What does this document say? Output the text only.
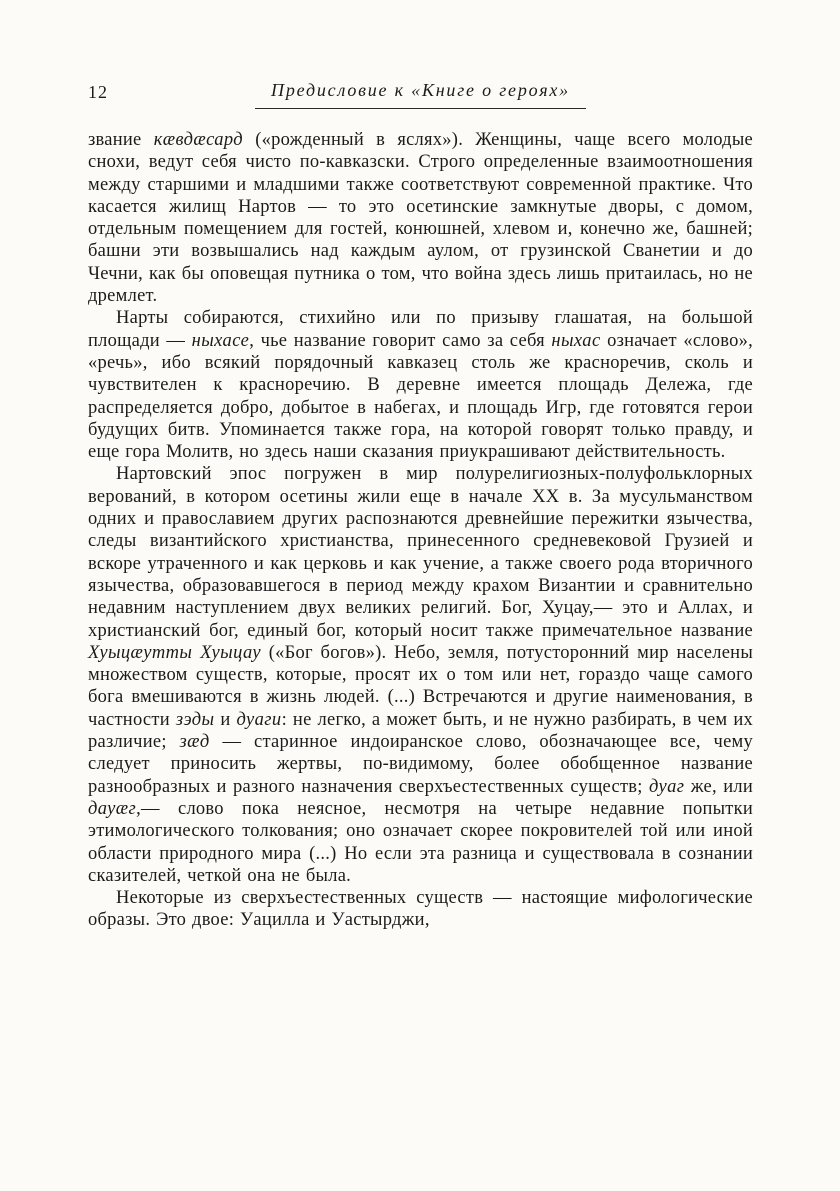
12	Предисловие к «Книге о героях»

звание кæвдæсард («рожденный в яслях»). Женщины, чаще всего молодые снохи, ведут себя чисто по-кавказски. Строго определенные взаимоотношения между старшими и младшими также соответствуют современной практике. Что касается жилищ Нартов — то это осетинские замкнутые дворы, с домом, отдельным помещением для гостей, конюшней, хлевом и, конечно же, башней; башни эти возвышались над каждым аулом, от грузинской Сванетии и до Чечни, как бы оповещая путника о том, что война здесь лишь притаилась, но не дремлет.

Нарты собираются, стихийно или по призыву глашатая, на большой площади — ныхасе, чье название говорит само за себя ныхас означает «слово», «речь», ибо всякий порядочный кавказец столь же красноречив, сколь и чувствителен к красноречию. В деревне имеется площадь Дележа, где распределяется добро, добытое в набегах, и площадь Игр, где готовятся герои будущих битв. Упоминается также гора, на которой говорят только правду, и еще гора Молитв, но здесь наши сказания приукрашивают действительность.

Нартовский эпос погружен в мир полурелигиозных-полуфольклорных верований, в котором осетины жили еще в начале XX в. За мусульманством одних и православием других распознаются древнейшие пережитки язычества, следы византийского христианства, принесенного средневековой Грузией и вскоре утраченного и как церковь и как учение, а также своего рода вторичного язычества, образовавшегося в период между крахом Византии и сравнительно недавним наступлением двух великих религий. Бог, Хуцау,— это и Аллах, и христианский бог, единый бог, который носит также примечательное название Хуыцæутты Хуыцау («Бог богов»). Небо, земля, потусторонний мир населены множеством существ, которые, просят их о том или нет, гораздо чаще самого бога вмешиваются в жизнь людей. (...) Встречаются и другие наименования, в частности зэды и дуаги: не легко, а может быть, и не нужно разбирать, в чем их различие; зæд — старинное индоиранское слово, обозначающее все, чему следует приносить жертвы, по-видимому, более обобщенное название разнообразных и разного назначения сверхъестественных существ; дуаг же, или дауæг,— слово пока неясное, несмотря на четыре недавние попытки этимологического толкования; оно означает скорее покровителей той или иной области природного мира (...) Но если эта разница и существовала в сознании сказителей, четкой она не была.

Некоторые из сверхъестественных существ — настоящие мифологические образы. Это двое: Уацилла и Уастырджи,
